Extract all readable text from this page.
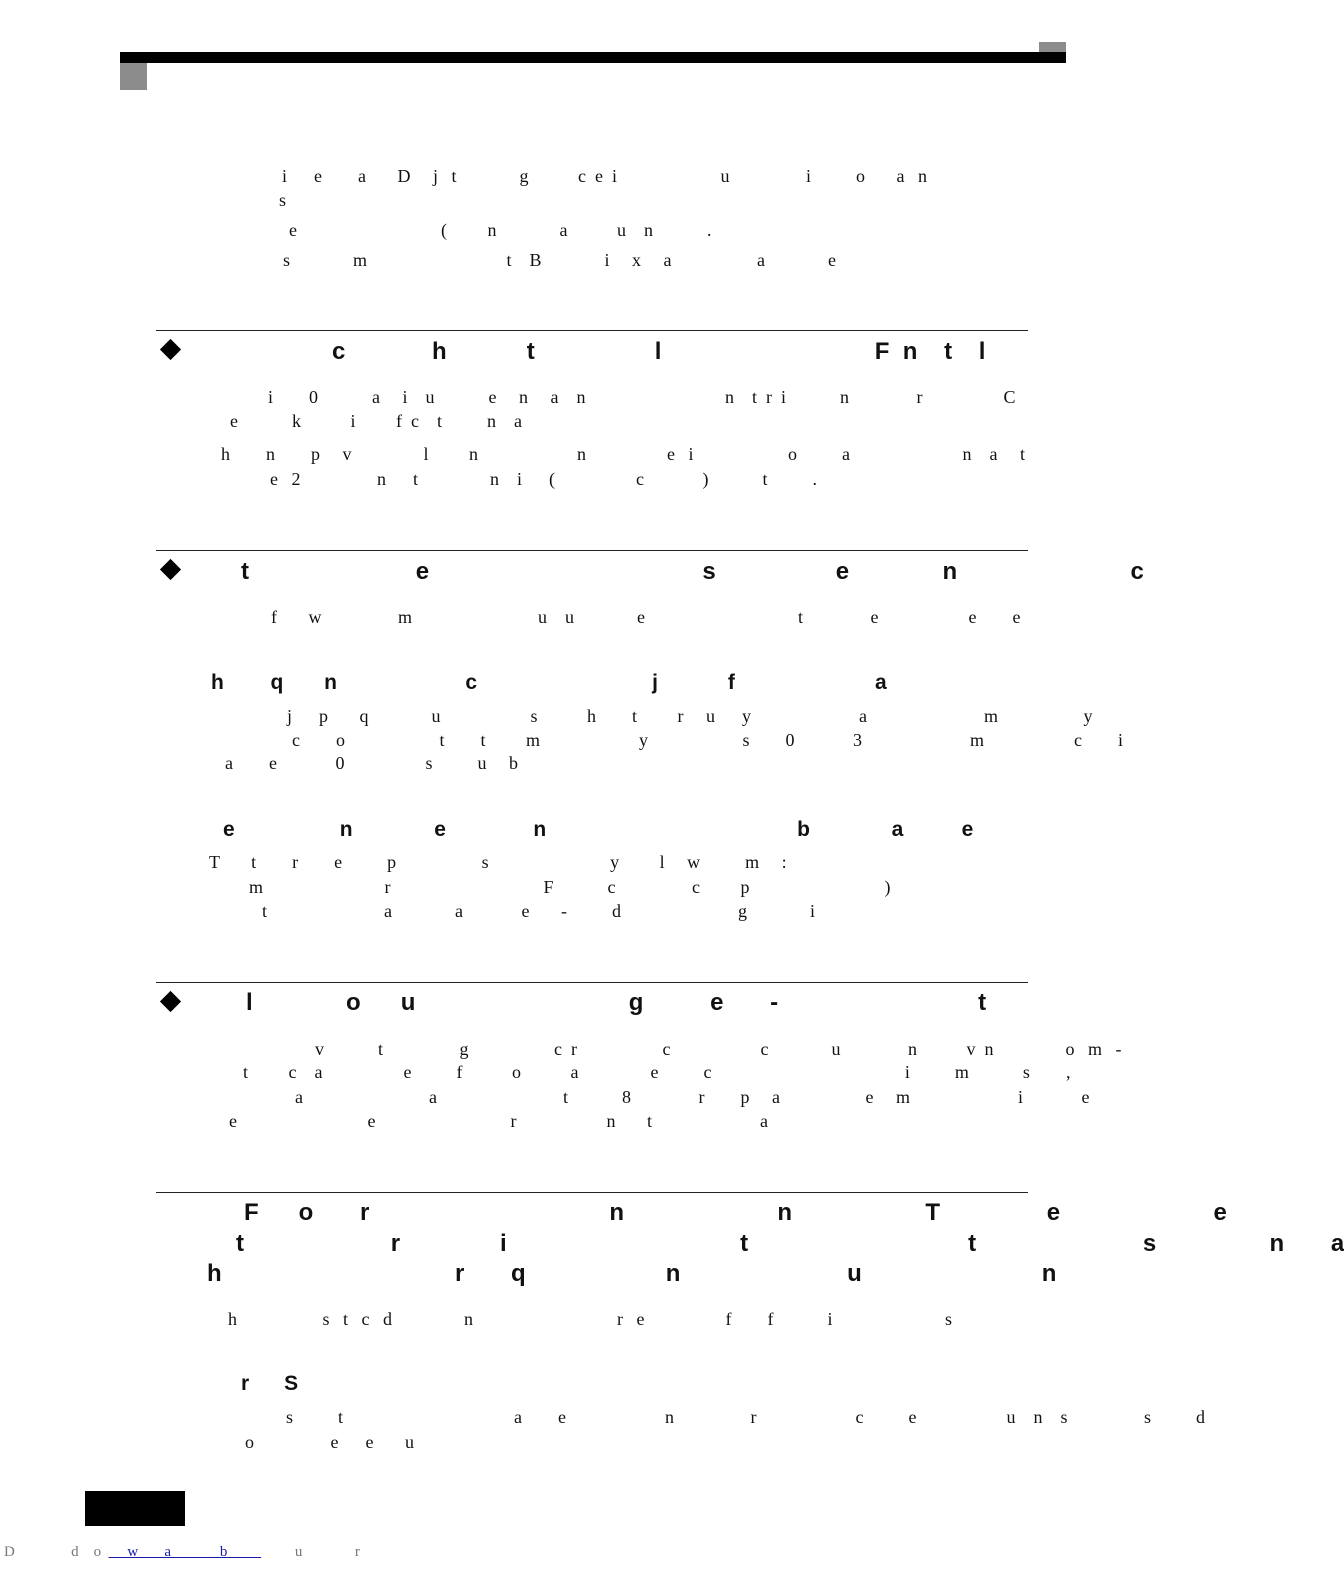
i      e        a       D     j   t              g           c  e  i                       u                 i          o       a   n
s
e                                (         n              a           u    n            .
s              m                               t    B              i     x     a                   a              e
c             h            t                  l                                F  n    t    l
i        0            a     i    u            e     n     a    n                               n    t  r  i            n               r                  C
e            k           i         f  c    t          n    a
h        n        p     v                l         n                      n                  e   i                     o          a                         n    a     t
e   2                 n      t                n    i      (                  c             )            t          .
t                         e                                         s                  e              n                          c
f       w                 m                            u    u              e                                  t               e                    e        e
h        q       n                      c                              j            f                        a
j      p       q              u                    s           h        t         r     u      y                        a                          m                   y
c        o                     t        t         m                      y                     s        0             3                        m                    c        i
a        e             0                  s          u     b
e                  n              e               n                                           b              a          e
T       t        r        e          p                   s                           y         l     w          m     :
m                           r                                  F            c                 c         p                              )
t                          a              a             e       -          d                          g              i
l              o      u                                g          e       -                              t
v            t                 g                   c  r                   c                    c              u               n           v  n                o   m   -
t         c    a                  e          f           o           a                e          c                                           i          m            s        ,
a                            a                            t            8               r        p     a                   e     m                        i             e
e                             e                              r                    n       t                        a
F      o       r                                    n                       n                    T                e                       e
t                      r               i                                   t                                 t                         s                 n       a
h                                   r       q                     n                         u                           n
h                   s   t   c   d                n                                r   e                  f        f            i                         s
r      S
s          t                                      a        e                      n                 r                      c          e                    u    n    s                 s          d
o                 e      e       u
D               d    o       w       a             b                  u              r
